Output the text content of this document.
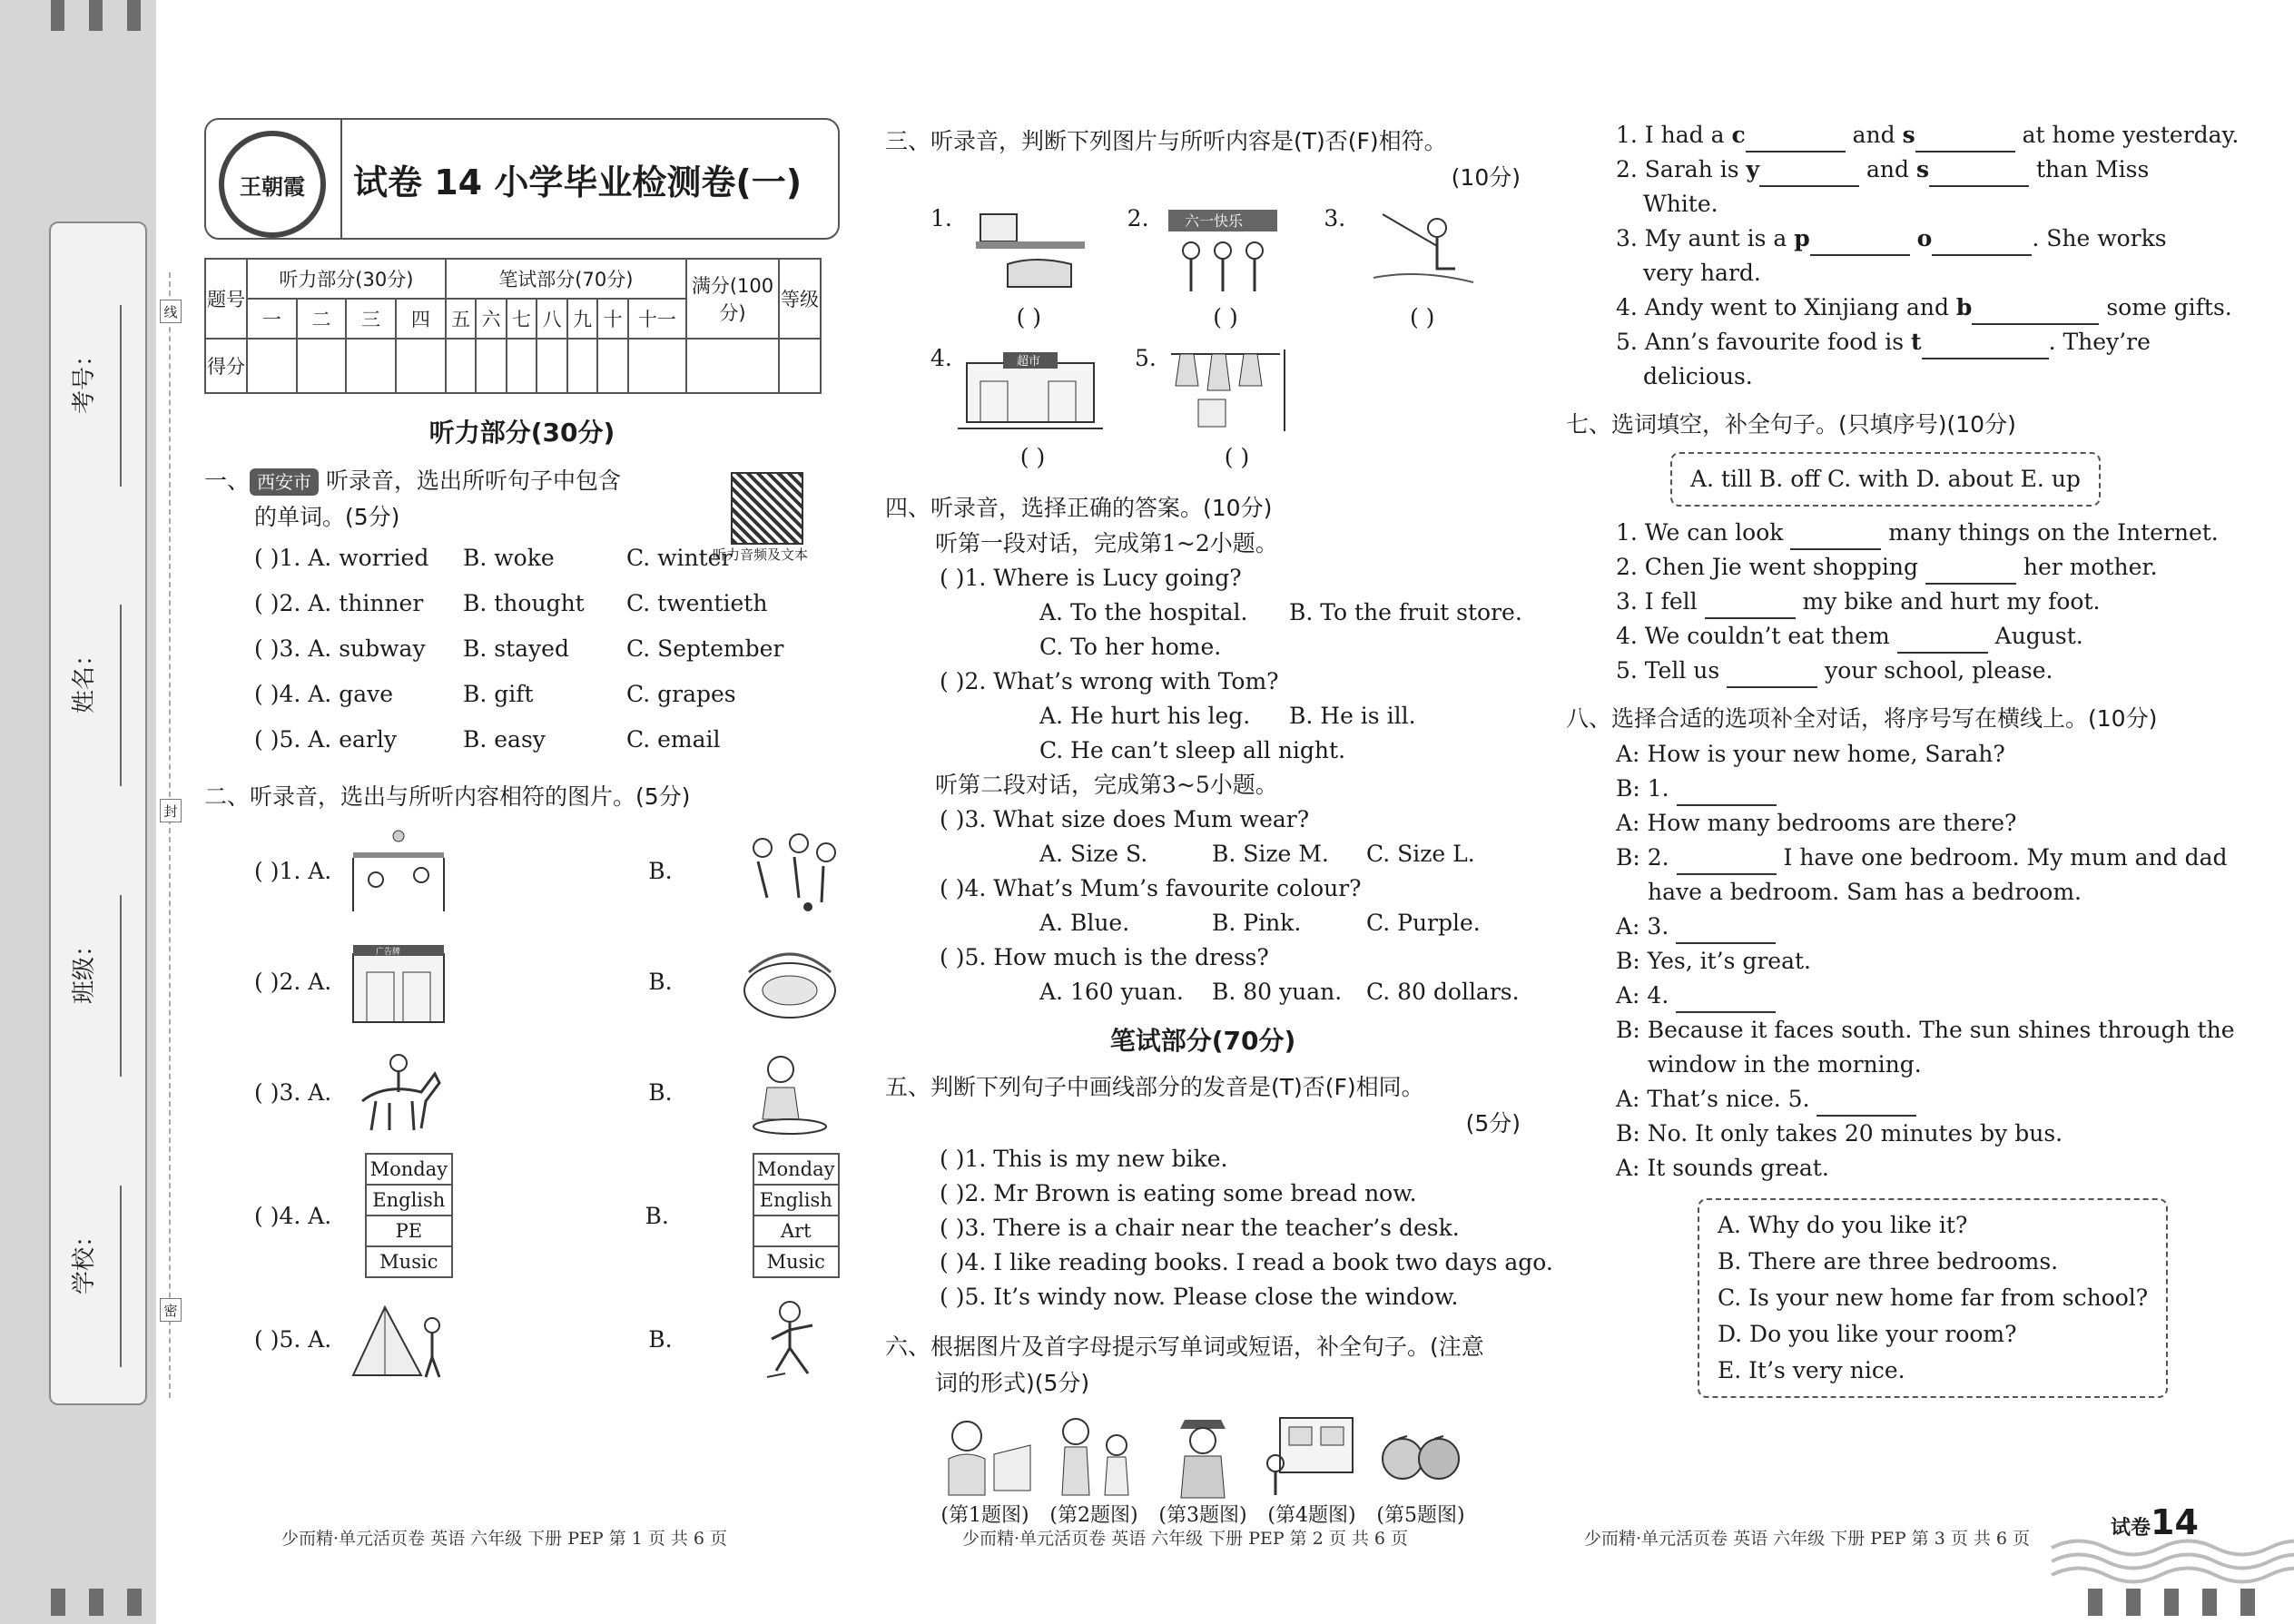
考号：
姓名：
班级：
学校：
线
封
密
王朝霞	试卷 14 小学毕业检测卷(一)
题号	听力部分(30分)				笔试部分(70分)							满分(100分)	等级
	一	二	三	四	五	六	七	八	九	十	十一		
得分													
听力音频及文本
听力部分(30分)
一、 西安市 听录音，选出所听句子中包含
的单词。(5分)
( )1. A. worried B. woke	C. winter
( )2. A. thinner B. thought C. twentieth
( )3. A. subway B. stayed	C. September
( )4. A. gave	B. gift	C. grapes
( )5. A. early	B. easy	C. email
二、听录音，选出与所听内容相符的图片。(5分)
( )1. A.	B.
( )2. A.
广告牌
B.
( )3. A.	B.
( )4. A.
Monday
English
PE
Music
B.
Monday
English
Art
Music
( )5. A.	B.
三、听录音，判断下列图片与所听内容是(T)否(F)相符。
(10分)
1.	2. 六一快乐	3.
( )	( )	( )
4.	超市	5.
( )	( )
四、听录音，选择正确的答案。(10分)
听第一段对话，完成第1~2小题。
( )1. Where is Lucy going?
A. To the hospital. B. To the fruit store.
C. To her home.
( )2. What’s wrong with Tom?
A. He hurt his leg. B. He is ill.
C. He can’t sleep all night.
听第二段对话，完成第3~5小题。
( )3. What size does Mum wear?
A. Size S.	B. Size M. C. Size L.
( )4. What’s Mum’s favourite colour?
A. Blue.	B. Pink.	C. Purple.
( )5. How much is the dress?
A. 160 yuan. B. 80 yuan. C. 80 dollars.
笔试部分(70分)
五、判断下列句子中画线部分的发音是(T)否(F)相同。
(5分)
( )1. This is my new bike.
( )2. Mr Brown is eating some bread now.
( )3. There is a chair near the teacher’s desk.
( )4. I like reading books. I read a book two days ago.
( )5. It’s windy now. Please close the window.
六、根据图片及首字母提示写单词或短语，补全句子。(注意
词的形式)(5分)
(第1题图)	(第2题图)	(第3题图)	(第4题图)	(第5题图)
1. I had a c	and s	at home yesterday.
2. Sarah is y	and s	than Miss
White.
3. My aunt is a p	o	. She works
very hard.
4. Andy went to Xinjiang and b	some gifts.
5. Ann’s favourite food is t	. They’re
delicious.
七、选词填空，补全句子。(只填序号)(10分)
A. till B. off C. with D. about E. up
1. We can look	many things on the Internet.
2. Chen Jie went shopping	her mother.
3. I fell	my bike and hurt my foot.
4. We couldn’t eat them	August.
5. Tell us	your school, please.
八、选择合适的选项补全对话，将序号写在横线上。(10分)
A: How is your new home, Sarah?
B: 1.
A: How many bedrooms are there?
B: 2.	I have one bedroom. My mum and dad
have a bedroom. Sam has a bedroom.
A: 3.
B: Yes, it’s great.
A: 4.
B: Because it faces south. The sun shines through the
window in the morning.
A: That’s nice. 5.
B: No. It only takes 20 minutes by bus.
A: It sounds great.
A. Why do you like it?
B. There are three bedrooms.
C. Is your new home far from school?
D. Do you like your room?
E. It’s very nice.
少而精·单元活页卷 英语 六年级 下册 PEP 第 1 页 共 6 页	少而精·单元活页卷 英语 六年级 下册 PEP 第 2 页 共 6 页	少而精·单元活页卷 英语 六年级 下册 PEP 第 3 页 共 6 页	试卷14
